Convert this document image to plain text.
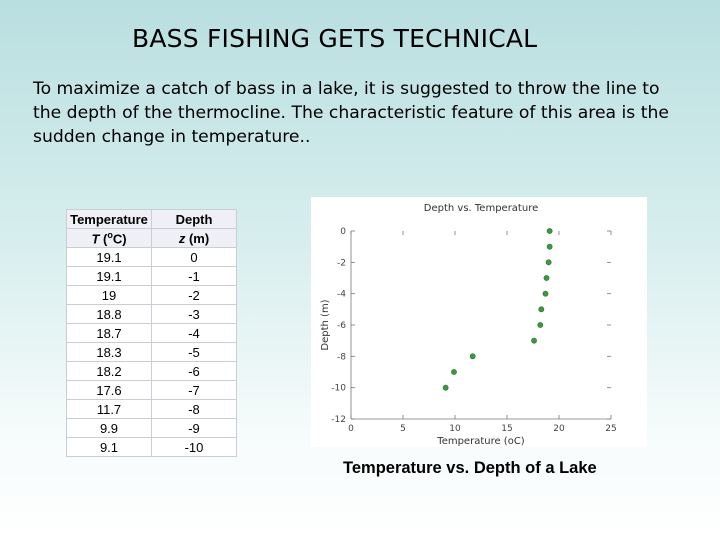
BASS FISHING GETS TECHNICAL
To maximize a catch of bass in a lake, it is suggested to throw the line to the depth of the thermocline. The characteristic feature of this area is the sudden change in temperature..
Temperature	Depth
T ($^o$C)	z (m)
19.1	0
19.1	-1
19	-2
18.8	-3
18.7	-4
18.3	-5
18.2	-6
17.6	-7
11.7	-8
9.9	-9
9.1	-10
0	5	10	15	20	25
0
-2
-4
-6
-8
-10
-12
Depth vs. Temperature
Temperature (oC)
Depth (m)
Temperature vs. Depth of a Lake
